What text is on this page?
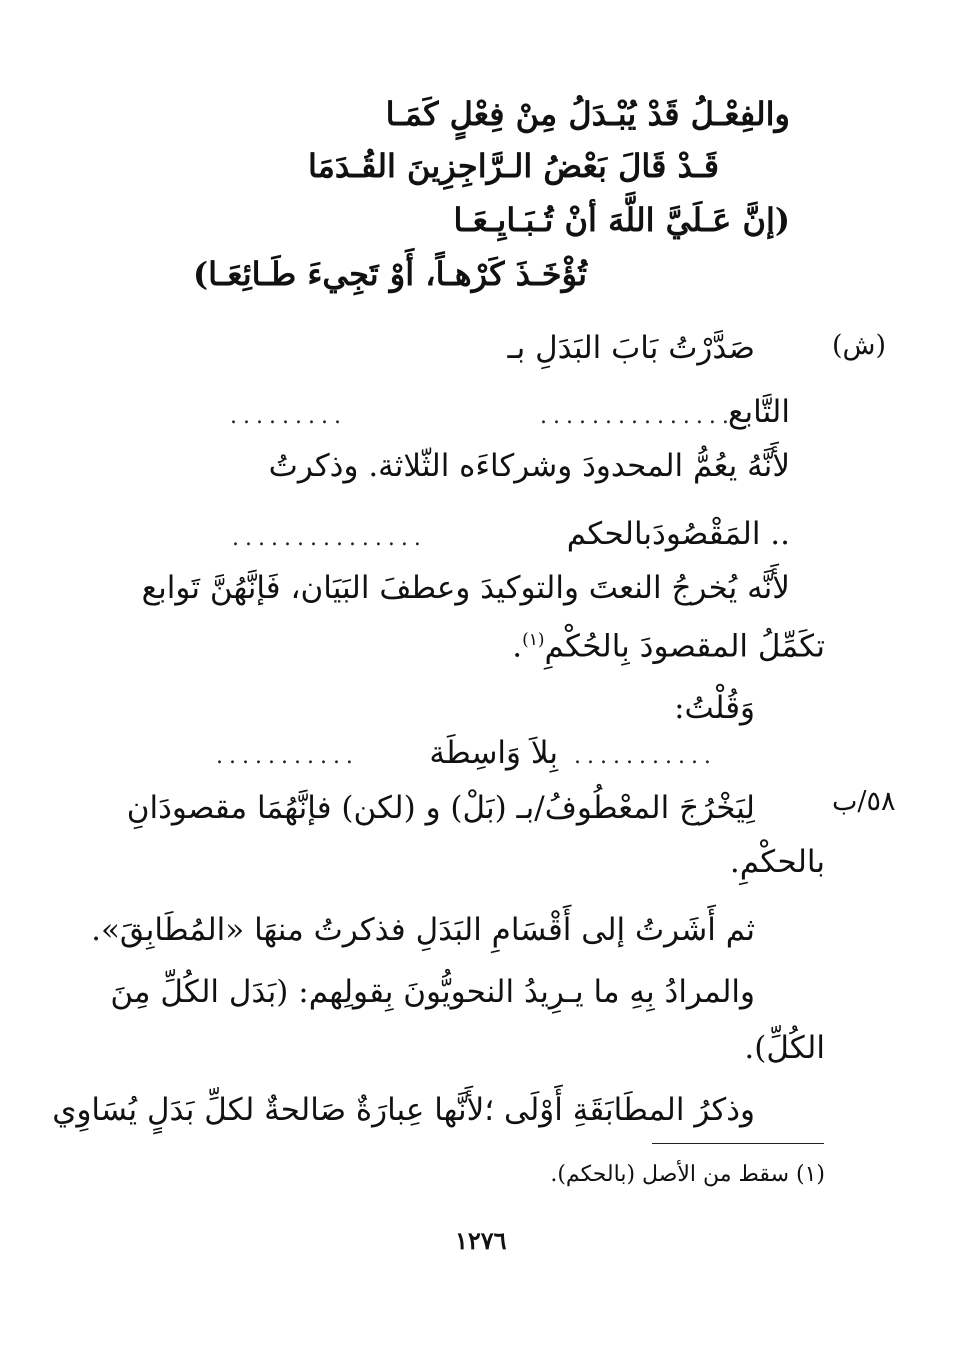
والفِعْـلُ قَدْ يُبْـدَلُ مِنْ فِعْلٍ كَمَـا
قَـدْ قَالَ بَعْضُ الـرَّاجِزِينَ القُـدَمَا
(إنَّ عَـلَيَّ اللَّهَ أنْ تُـبَـايِـعَـا
تُؤْخَـذَ كَرْهـاً، أَوْ تَجِيءَ طَـائِعَـا)
(ش)
صَدَّرْتُ بَابَ البَدَلِ بـ
التَّابع
...............
.........
لأَنَّهُ يعُمُّ المحدودَ وشركاءَه الثّلاثة. وذكرتُ
.. المَقْصُودَبالحكم
...............
لأَنَّه يُخرجُ النعتَ والتوكيدَ وعطفَ البَيَان، فَإنَّهُنَّ تَوابع
تكَمِّلُ المقصودَ بِالحُكْمِ$^{(١)}$.
وَقُلْتُ:
بِلاَ وَاسِطَة ...........
...........
٥٨/ب
لِيَخْرُجَ المعْطُوفُ/بـ (بَلْ) و (لكن) فإنَّهُمَا مقصودَانِ
بالحكْمِ.
ثم أَشَرتُ إلى أَقْسَامِ البَدَلِ فذكرتُ منهَا «المُطَابِقَ».
والمرادُ بِهِ ما يـرِيدُ النحويُّونَ بِقولِهم: (بَدَل الكُلِّ مِنَ
الكُلِّ).
وذكرُ المطَابَقَةِ أَوْلَى ؛لأَنَّها عِبارَةٌ صَالحةٌ لكلِّ بَدَلٍ يُسَاوِي
(١) سقط من الأصل (بالحكم).
١٢٧٦
